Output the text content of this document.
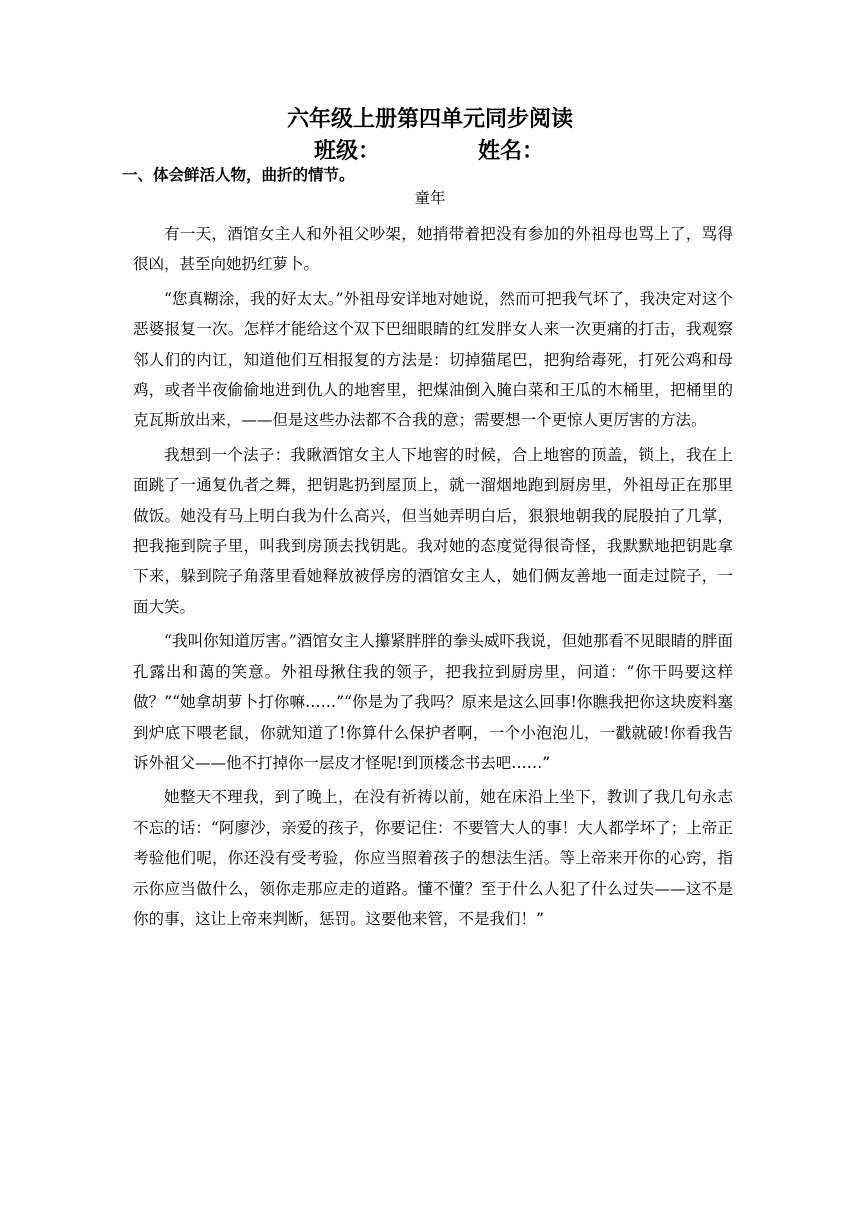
六年级上册第四单元同步阅读
班级：	姓名：
一、体会鲜活人物，曲折的情节。
童年

有一天，酒馆女主人和外祖父吵架，她捎带着把没有参加的外祖母也骂上了，骂得很凶，甚至向她扔红萝卜。

“您真糊涂，我的好太太。”外祖母安详地对她说，然而可把我气坏了，我决定对这个恶婆报复一次。怎样才能给这个双下巴细眼睛的红发胖女人来一次更痛的打击，我观察邻人们的内讧，知道他们互相报复的方法是：切掉猫尾巴，把狗给毒死，打死公鸡和母鸡，或者半夜偷偷地进到仇人的地窖里，把煤油倒入腌白菜和王瓜的木桶里，把桶里的克瓦斯放出来，——但是这些办法都不合我的意；需要想一个更惊人更厉害的方法。

我想到一个法子：我瞅酒馆女主人下地窖的时候，合上地窖的顶盖，锁上，我在上面跳了一通复仇者之舞，把钥匙扔到屋顶上，就一溜烟地跑到厨房里，外祖母正在那里做饭。她没有马上明白我为什么高兴，但当她弄明白后，狠狠地朝我的屁股拍了几掌，把我拖到院子里，叫我到房顶去找钥匙。我对她的态度觉得很奇怪，我默默地把钥匙拿下来，躲到院子角落里看她释放被俘房的酒馆女主人，她们俩友善地一面走过院子，一面大笑。

“我叫你知道厉害。”酒馆女主人攥紧胖胖的拳头威吓我说，但她那看不见眼睛的胖面孔露出和蔼的笑意。外祖母揪住我的领子，把我拉到厨房里，问道：“你干吗要这样做？”“她拿胡萝卜打你嘛……”“你是为了我吗？原来是这么回事!你瞧我把你这块废料塞到炉底下喂老鼠，你就知道了!你算什么保护者啊，一个小泡泡儿，一戳就破!你看我告诉外祖父——他不打掉你一层皮才怪呢!到顶楼念书去吧……”

她整天不理我，到了晚上，在没有祈祷以前，她在床沿上坐下，教训了我几句永志不忘的话：“阿廖沙，亲爱的孩子，你要记住：不要管大人的事！大人都学坏了；上帝正考验他们呢，你还没有受考验，你应当照着孩子的想法生活。等上帝来开你的心窍，指示你应当做什么，领你走那应走的道路。懂不懂？至于什么人犯了什么过失——这不是你的事，这让上帝来判断，惩罚。这要他来管，不是我们！”
